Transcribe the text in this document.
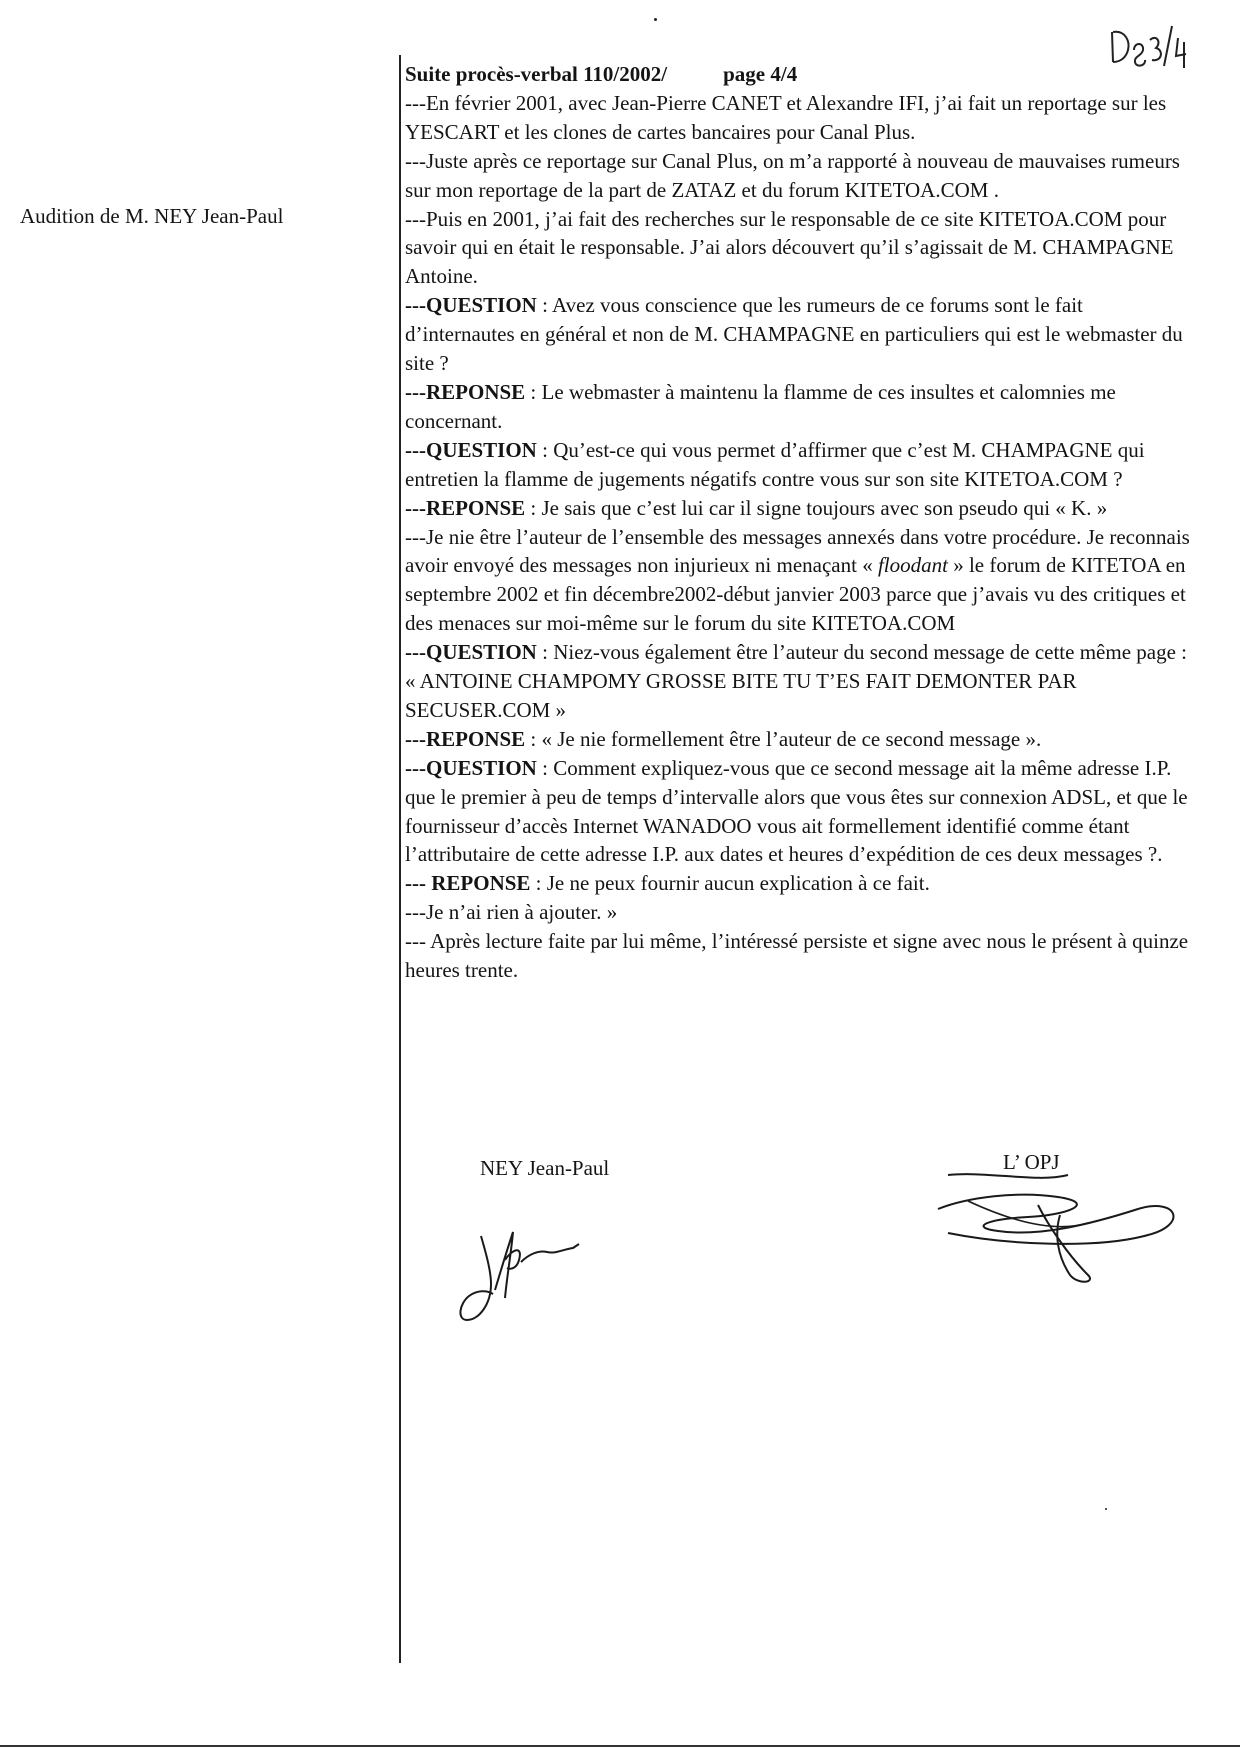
Audition de M. NEY Jean-Paul
Suite procès-verbal 110/2002/	page 4/4
---En février 2001, avec Jean-Pierre CANET et Alexandre IFI, j’ai fait un reportage sur les YESCART et les clones de cartes bancaires pour Canal Plus.
---Juste après ce reportage sur Canal Plus, on m’a rapporté à nouveau de mauvaises rumeurs sur mon reportage de la part de ZATAZ et du forum KITETOA.COM .
---Puis en 2001, j’ai fait des recherches sur le responsable de ce site KITETOA.COM pour savoir qui en était le responsable. J’ai alors découvert qu’il s’agissait de M. CHAMPAGNE Antoine.
---QUESTION : Avez vous conscience que les rumeurs de ce forums sont le fait d’internautes en général et non de M. CHAMPAGNE en particuliers qui est le webmaster du site ?
---REPONSE : Le webmaster à maintenu la flamme de ces insultes et calomnies me concernant.
---QUESTION : Qu’est-ce qui vous permet d’affirmer que c’est M. CHAMPAGNE qui entretien la flamme de jugements négatifs contre vous sur son site KITETOA.COM ?
---REPONSE : Je sais que c’est lui car il signe toujours avec son pseudo qui « K. »
---Je nie être l’auteur de l’ensemble des messages annexés dans votre procédure. Je reconnais avoir envoyé des messages non injurieux ni menaçant « floodant » le forum de KITETOA en septembre 2002 et fin décembre2002-début janvier 2003 parce que j’avais vu des critiques et des menaces sur moi-même sur le forum du site KITETOA.COM
---QUESTION : Niez-vous également être l’auteur du second message de cette même page : « ANTOINE CHAMPOMY GROSSE BITE TU T’ES FAIT DEMONTER PAR SECUSER.COM »
---REPONSE : « Je nie formellement être l’auteur de ce second message ».
---QUESTION : Comment expliquez-vous que ce second message ait la même adresse I.P. que le premier à peu de temps d’intervalle alors que vous êtes sur connexion ADSL, et que le fournisseur d’accès Internet WANADOO vous ait formellement identifié comme étant l’attributaire de cette adresse I.P. aux dates et heures d’expédition de ces deux messages ?.
--- REPONSE : Je ne peux fournir aucun explication à ce fait.
---Je n’ai rien à ajouter. »
--- Après lecture faite par lui même, l’intéressé persiste et signe avec nous le présent à quinze heures trente.
NEY Jean-Paul	L’ OPJ
